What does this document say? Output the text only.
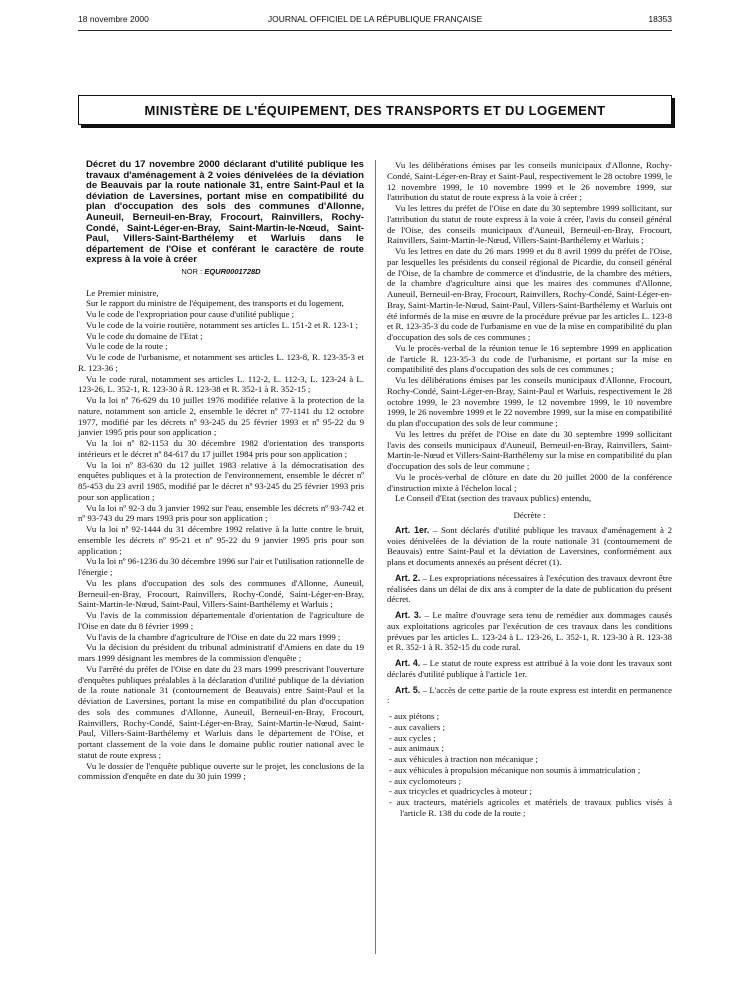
18 novembre 2000	JOURNAL OFFICIEL DE LA RÉPUBLIQUE FRANÇAISE	18353
MINISTÈRE DE L'ÉQUIPEMENT, DES TRANSPORTS ET DU LOGEMENT
Décret du 17 novembre 2000 déclarant d'utilité publique les travaux d'aménagement à 2 voies dénivelées de la déviation de Beauvais par la route nationale 31, entre Saint-Paul et la déviation de Laversines, portant mise en compatibilité du plan d'occupation des sols des communes d'Allonne, Auneuil, Berneuil-en-Bray, Frocourt, Rainvillers, Rochy-Condé, Saint-Léger-en-Bray, Saint-Martin-le-Nœud, Saint-Paul, Villers-Saint-Barthélemy et Warluis dans le département de l'Oise et conférant le caractère de route express à la voie à créer
NOR : EQUR0001728D

Le Premier ministre,

Sur le rapport du ministre de l'équipement, des transports et du logement,

Vu le code de l'expropriation pour cause d'utilité publique ;

Vu le code de la voirie routière, notamment ses articles L. 151-2 et R. 123-1 ;

Vu le code du domaine de l'Etat ;

Vu le code de la route ;

Vu le code de l'urbanisme, et notamment ses articles L. 123-8, R. 123-35-3 et R. 123-36 ;

Vu le code rural, notamment ses articles L. 112-2, L. 112-3, L. 123-24 à L. 123-26, L. 352-1, R. 123-30 à R. 123-38 et R. 352-1 à R. 352-15 ;

Vu la loi nº 76-629 du 10 juillet 1976 modifiée relative à la protection de la nature, notamment son article 2, ensemble le décret nº 77-1141 du 12 octobre 1977, modifié par les décrets nº 93-245 du 25 février 1993 et nº 95-22 du 9 janvier 1995 pris pour son application ;

Vu la loi nº 82-1153 du 30 décembre 1982 d'orientation des transports intérieurs et le décret nº 84-617 du 17 juillet 1984 pris pour son application ;

Vu la loi nº 83-630 du 12 juillet 1983 relative à la démocratisation des enquêtes publiques et à la protection de l'environnement, ensemble le décret nº 85-453 du 23 avril 1985, modifié par le décret nº 93-245 du 25 février 1993 pris pour son application ;

Vu la loi nº 92-3 du 3 janvier 1992 sur l'eau, ensemble les décrets nº 93-742 et nº 93-743 du 29 mars 1993 pris pour son application ;

Vu la loi nº 92-1444 du 31 décembre 1992 relative à la lutte contre le bruit, ensemble les décrets nº 95-21 et nº 95-22 du 9 janvier 1995 pris pour son application ;

Vu la loi nº 96-1236 du 30 décembre 1996 sur l'air et l'utilisation rationnelle de l'énergie ;

Vu les plans d'occupation des sols des communes d'Allonne, Auneuil, Berneuil-en-Bray, Frocourt, Rainvillers, Rochy-Condé, Saint-Léger-en-Bray, Saint-Martin-le-Nœud, Saint-Paul, Villers-Saint-Barthélemy et Warluis ;

Vu l'avis de la commission départementale d'orientation de l'agriculture de l'Oise en date du 8 février 1999 ;

Vu l'avis de la chambre d'agriculture de l'Oise en date du 22 mars 1999 ;

Vu la décision du président du tribunal administratif d'Amiens en date du 19 mars 1999 désignant les membres de la commission d'enquête ;

Vu l'arrêté du préfet de l'Oise en date du 23 mars 1999 prescrivant l'ouverture d'enquêtes publiques préalables à la déclaration d'utilité publique de la déviation de la route nationale 31 (contournement de Beauvais) entre Saint-Paul et la déviation de Laversines, portant la mise en compatibilité du plan d'occupation des sols des communes d'Allonne, Auneuil, Berneuil-en-Bray, Frocourt, Rainvillers, Rochy-Condé, Saint-Léger-en-Bray, Saint-Martin-le-Nœud, Saint-Paul, Villers-Saint-Barthélemy et Warluis dans le département de l'Oise, et portant classement de la voie dans le domaine public routier national avec le statut de route express ;

Vu le dossier de l'enquête publique ouverte sur le projet, les conclusions de la commission d'enquête en date du 30 juin 1999 ;

Vu les délibérations émises par les conseils municipaux d'Allonne, Rochy-Condé, Saint-Léger-en-Bray et Saint-Paul, respectivement le 28 octobre 1999, le 12 novembre 1999, le 10 novembre 1999 et le 26 novembre 1999, sur l'attribution du statut de route express à la voie à créer ;

Vu les lettres du préfet de l'Oise en date du 30 septembre 1999 sollicitant, sur l'attribution du statut de route express à la voie à créer, l'avis du conseil général de l'Oise, des conseils municipaux d'Auneuil, Berneuil-en-Bray, Frocourt, Rainvillers, Saint-Martin-le-Nœud, Villers-Saint-Barthélemy et Warluis ;

Vu les lettres en date du 26 mars 1999 et du 8 avril 1999 du préfet de l'Oise, par lesquelles les présidents du conseil régional de Picardie, du conseil général de l'Oise, de la chambre de commerce et d'industrie, de la chambre des métiers, de la chambre d'agriculture ainsi que les maires des communes d'Allonne, Auneuil, Berneuil-en-Bray, Frocourt, Rainvillers, Rochy-Condé, Saint-Léger-en-Bray, Saint-Martin-le-Nœud, Saint-Paul, Villers-Saint-Barthélemy et Warluis ont été informés de la mise en œuvre de la procédure prévue par les articles L. 123-8 et R. 123-35-3 du code de l'urbanisme en vue de la mise en compatibilité du plan d'occupation des sols de ces communes ;

Vu le procès-verbal de la réunion tenue le 16 septembre 1999 en application de l'article R. 123-35-3 du code de l'urbanisme, et portant sur la mise en compatibilité des plans d'occupation des sols de ces communes ;

Vu les délibérations émises par les conseils municipaux d'Allonne, Frocourt, Rochy-Condé, Saint-Léger-en-Bray, Saint-Paul et Warluis, respectivement le 28 octobre 1999, le 23 novembre 1999, le 12 novembre 1999, le 10 novembre 1999, le 26 novembre 1999 et le 22 novembre 1999, sur la mise en compatibilité du plan d'occupation des sols de leur commune ;

Vu les lettres du préfet de l'Oise en date du 30 septembre 1999 sollicitant l'avis des conseils municipaux d'Auneuil, Berneuil-en-Bray, Rainvillers, Saint-Martin-le-Nœud et Villers-Saint-Barthélemy sur la mise en compatibilité du plan d'occupation des sols de leur commune ;

Vu le procès-verbal de clôture en date du 20 juillet 2000 de la conférence d'instruction mixte à l'échelon local ;

Le Conseil d'Etat (section des travaux publics) entendu,

Décrète :

Art. 1er. – Sont déclarés d'utilité publique les travaux d'aménagement à 2 voies dénivelées de la déviation de la route nationale 31 (contournement de Beauvais) entre Saint-Paul et la déviation de Laversines, conformément aux plans et documents annexés au présent décret (1).

Art. 2. – Les expropriations nécessaires à l'exécution des travaux devront être réalisées dans un délai de dix ans à compter de la date de publication du présent décret.

Art. 3. – Le maître d'ouvrage sera tenu de remédier aux dommages causés aux exploitations agricoles par l'exécution de ces travaux dans les conditions prévues par les articles L. 123-24 à L. 123-26, L. 352-1, R. 123-30 à R. 123-38 et R. 352-1 à R. 352-15 du code rural.

Art. 4. – Le statut de route express est attribué à la voie dont les travaux sont déclarés d'utilité publique à l'article 1er.

Art. 5. – L'accès de cette partie de la route express est interdit en permanence :

- aux piétons ;
- aux cavaliers ;
- aux cycles ;
- aux animaux ;
- aux véhicules à traction non mécanique ;
- aux véhicules à propulsion mécanique non soumis à immatriculation ;
- aux cyclomoteurs ;
- aux tricycles et quadricycles à moteur ;
- aux tracteurs, matériels agricoles et matériels de travaux publics visés à l'article R. 138 du code de la route ;
